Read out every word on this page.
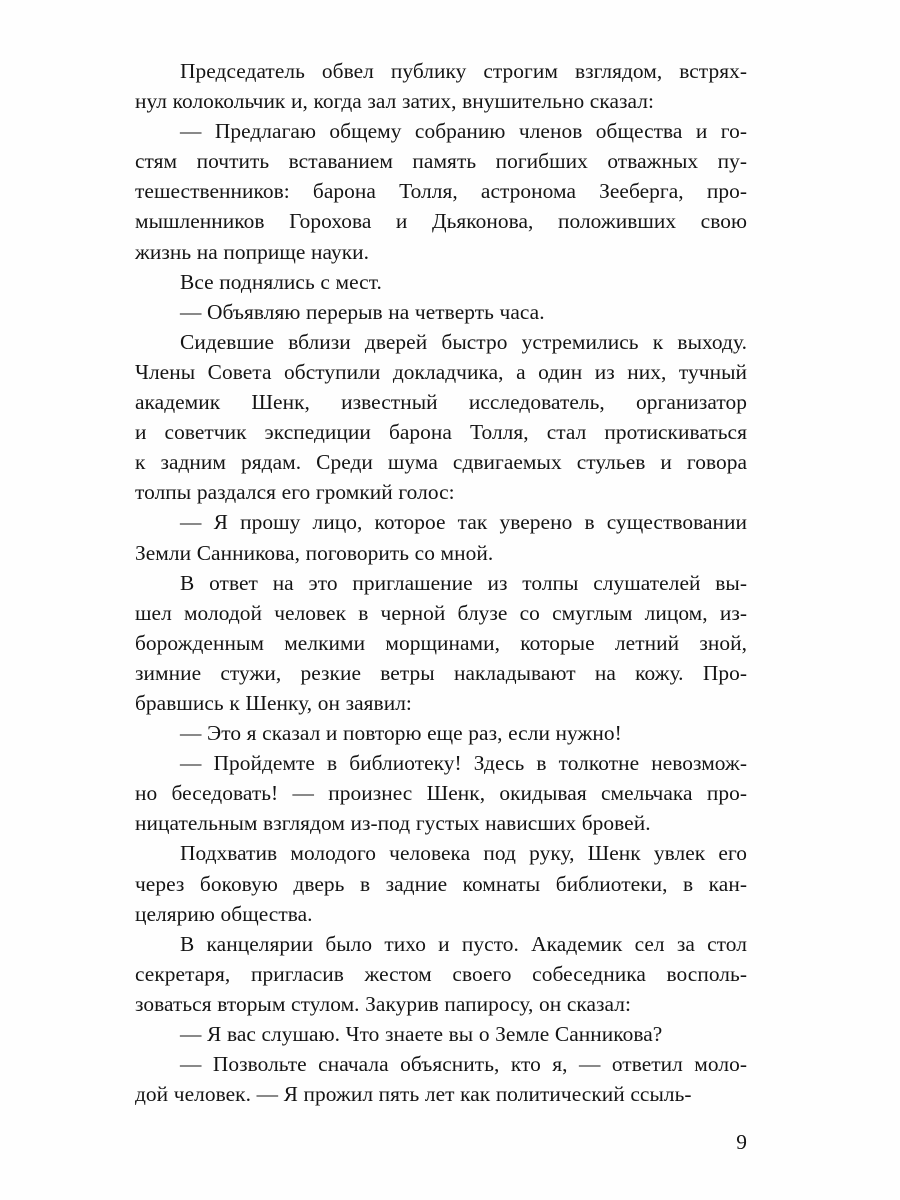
Председатель обвел публику строгим взглядом, встрях-
нул колокольчик и, когда зал затих, внушительно сказал:

— Предлагаю общему собранию членов общества и го-
стям почтить вставанием память погибших отважных пу-
тешественников: барона Толля, астронома Зееберга, про-
мышленников Горохова и Дьяконова, положивших свою
жизнь на поприще науки.

Все поднялись с мест.

— Объявляю перерыв на четверть часа.

Сидевшие вблизи дверей быстро устремились к выходу.
Члены Совета обступили докладчика, а один из них, тучный
академик Шенк, известный исследователь, организатор
и советчик экспедиции барона Толля, стал протискиваться
к задним рядам. Среди шума сдвигаемых стульев и говора
толпы раздался его громкий голос:

— Я прошу лицо, которое так уверено в существовании
Земли Санникова, поговорить со мной.

В ответ на это приглашение из толпы слушателей вы-
шел молодой человек в черной блузе со смуглым лицом, из-
борожденным мелкими морщинами, которые летний зной,
зимние стужи, резкие ветры накладывают на кожу. Про-
бравшись к Шенку, он заявил:

— Это я сказал и повторю еще раз, если нужно!

— Пройдемте в библиотеку! Здесь в толкотне невозмож-
но беседовать! — произнес Шенк, окидывая смельчака про-
ницательным взглядом из-под густых нависших бровей.

Подхватив молодого человека под руку, Шенк увлек его
через боковую дверь в задние комнаты библиотеки, в кан-
целярию общества.

В канцелярии было тихо и пусто. Академик сел за стол
секретаря, пригласив жестом своего собеседника восполь-
зоваться вторым стулом. Закурив папиросу, он сказал:

— Я вас слушаю. Что знаете вы о Земле Санникова?

— Позвольте сначала объяснить, кто я, — ответил моло-
дой человек. — Я прожил пять лет как политический ссыль-

9
